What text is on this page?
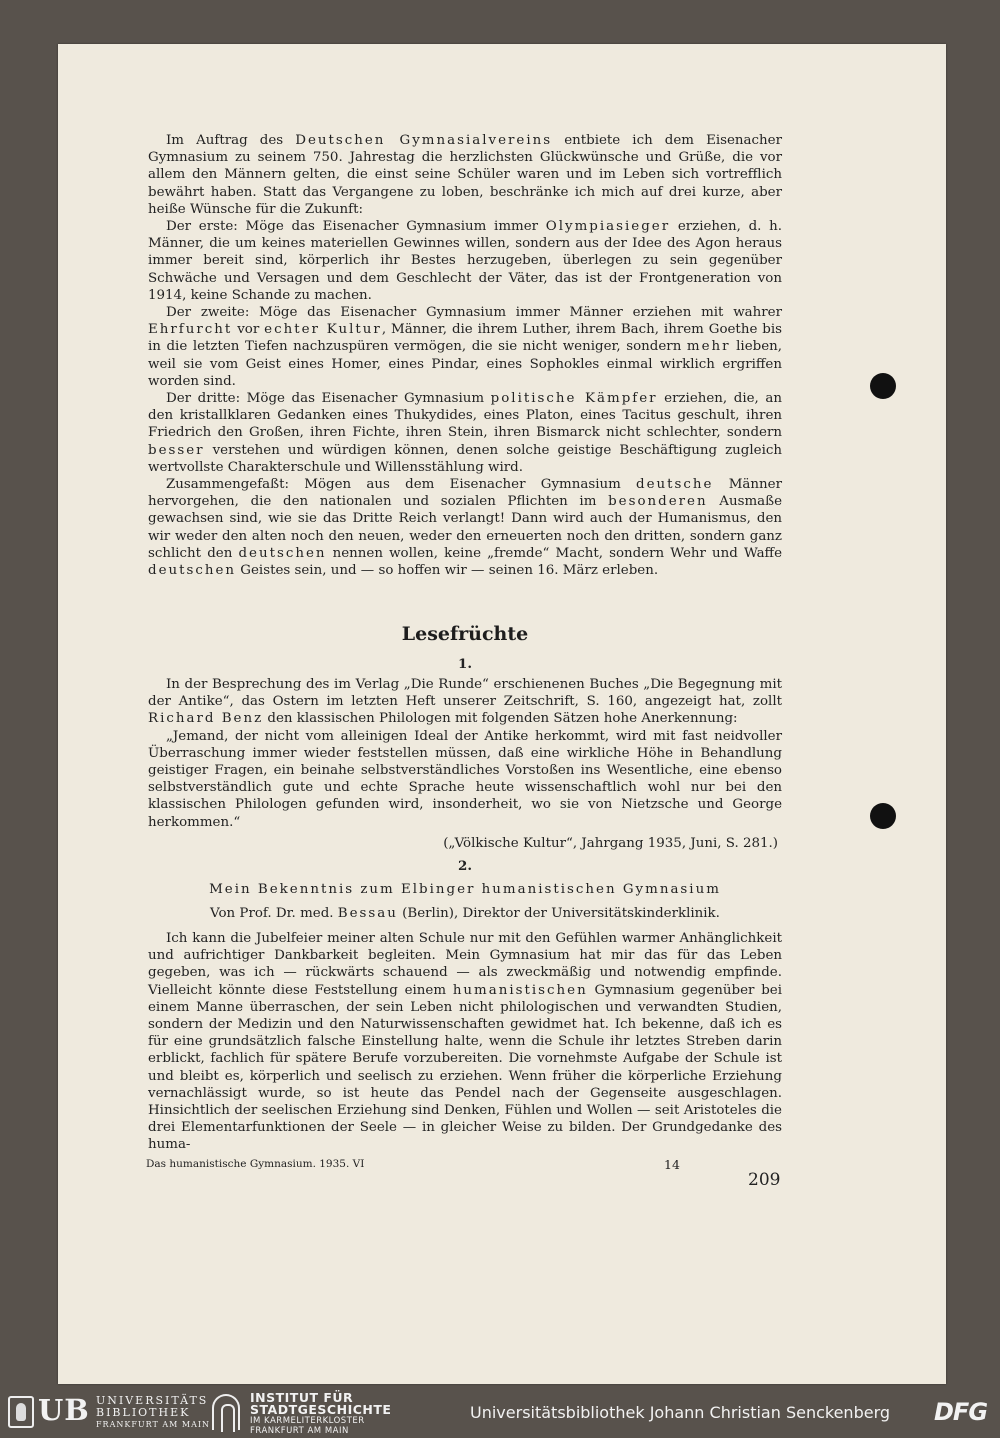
Im Auftrag des Deutschen Gymnasialvereins entbiete ich dem Eisenacher Gymnasium zu seinem 750. Jahrestag die herzlichsten Glückwünsche und Grüße, die vor allem den Männern gelten, die einst seine Schüler waren und im Leben sich vortrefflich bewährt haben. Statt das Vergangene zu loben, beschränke ich mich auf drei kurze, aber heiße Wünsche für die Zukunft:

Der erste: Möge das Eisenacher Gymnasium immer Olympiasieger erziehen, d. h. Männer, die um keines materiellen Gewinnes willen, sondern aus der Idee des Agon heraus immer bereit sind, körperlich ihr Bestes herzugeben, überlegen zu sein gegenüber Schwäche und Versagen und dem Geschlecht der Väter, das ist der Frontgeneration von 1914, keine Schande zu machen.

Der zweite: Möge das Eisenacher Gymnasium immer Männer erziehen mit wahrer Ehrfurcht vor echter Kultur, Männer, die ihrem Luther, ihrem Bach, ihrem Goethe bis in die letzten Tiefen nachzuspüren vermögen, die sie nicht weniger, sondern mehr lieben, weil sie vom Geist eines Homer, eines Pindar, eines Sophokles einmal wirklich ergriffen worden sind.

Der dritte: Möge das Eisenacher Gymnasium politische Kämpfer erziehen, die, an den kristallklaren Gedanken eines Thukydides, eines Platon, eines Tacitus geschult, ihren Friedrich den Großen, ihren Fichte, ihren Stein, ihren Bismarck nicht schlechter, sondern besser verstehen und würdigen können, denen solche geistige Beschäftigung zugleich wertvollste Charakterschule und Willensstählung wird.

Zusammengefaßt: Mögen aus dem Eisenacher Gymnasium deutsche Männer hervorgehen, die den nationalen und sozialen Pflichten im besonderen Ausmaße gewachsen sind, wie sie das Dritte Reich verlangt! Dann wird auch der Humanismus, den wir weder den alten noch den neuen, weder den erneuerten noch den dritten, sondern ganz schlicht den deutschen nennen wollen, keine „fremde“ Macht, sondern Wehr und Waffe deutschen Geistes sein, und — so hoffen wir — seinen 16. März erleben.

Lesefrüchte
1.

In der Besprechung des im Verlag „Die Runde“ erschienenen Buches „Die Begegnung mit der Antike“, das Ostern im letzten Heft unserer Zeitschrift, S. 160, angezeigt hat, zollt Richard Benz den klassischen Philologen mit folgenden Sätzen hohe Anerkennung:

„Jemand, der nicht vom alleinigen Ideal der Antike herkommt, wird mit fast neidvoller Überraschung immer wieder feststellen müssen, daß eine wirkliche Höhe in Behandlung geistiger Fragen, ein beinahe selbstverständliches Vorstoßen ins Wesentliche, eine ebenso selbstverständlich gute und echte Sprache heute wissenschaftlich wohl nur bei den klassischen Philologen gefunden wird, insonderheit, wo sie von Nietzsche und George herkommen.“

(„Völkische Kultur“, Jahrgang 1935, Juni, S. 281.)
2.
Mein Bekenntnis zum Elbinger humanistischen Gymnasium
Von Prof. Dr. med. Bessau (Berlin), Direktor der Universitätskinderklinik.

Ich kann die Jubelfeier meiner alten Schule nur mit den Gefühlen warmer Anhänglichkeit und aufrichtiger Dankbarkeit begleiten. Mein Gymnasium hat mir das für das Leben gegeben, was ich — rückwärts schauend — als zweckmäßig und notwendig empfinde. Vielleicht könnte diese Feststellung einem humanistischen Gymnasium gegenüber bei einem Manne überraschen, der sein Leben nicht philologischen und verwandten Studien, sondern der Medizin und den Naturwissenschaften gewidmet hat. Ich bekenne, daß ich es für eine grundsätzlich falsche Einstellung halte, wenn die Schule ihr letztes Streben darin erblickt, fachlich für spätere Berufe vorzubereiten. Die vornehmste Aufgabe der Schule ist und bleibt es, körperlich und seelisch zu erziehen. Wenn früher die körperliche Erziehung vernachlässigt wurde, so ist heute das Pendel nach der Gegenseite ausgeschlagen. Hinsichtlich der seelischen Erziehung sind Denken, Fühlen und Wollen — seit Aristoteles die drei Elementarfunktionen der Seele — in gleicher Weise zu bilden. Der Grundgedanke des huma-

Das humanistische Gymnasium. 1935. VI	14
209
UB UNIVERSITÄTS
BIBLIOTHEK
FRANKFURT AM MAIN
INSTITUT FÜR
STADTGESCHICHTE
IM KARMELITERKLOSTER
FRANKFURT AM MAIN
Universitätsbibliothek Johann Christian Senckenberg DFG
